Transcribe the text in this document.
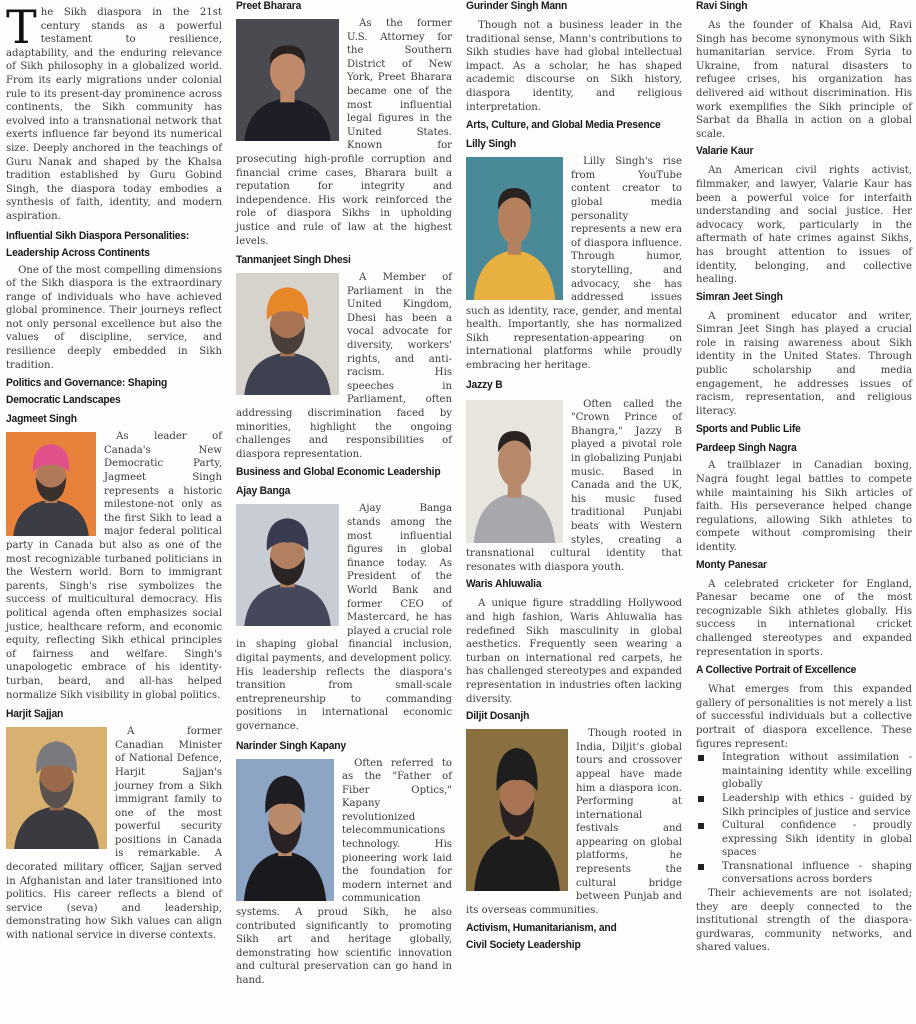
The Sikh diaspora in the 21st century stands as a powerful testament to resilience, adaptability, and the enduring relevance of Sikh philosophy in a globalized world. From its early migrations under colonial rule to its present-day prominence across continents, the Sikh community has evolved into a transnational network that exerts influence far beyond its numerical size. Deeply anchored in the teachings of Guru Nanak and shaped by the Khalsa tradition established by Guru Gobind Singh, the diaspora today embodies a synthesis of faith, identity, and modern aspiration.

Influential Sikh Diaspora Personalities: Leadership Across Continents

One of the most compelling dimensions of the Sikh diaspora is the extraordinary range of individuals who have achieved global prominence. Their journeys reflect not only personal excellence but also the values of discipline, service, and resilience deeply embedded in Sikh tradition.

Politics and Governance: Shaping Democratic Landscapes
Jagmeet Singh

As leader of Canada's New Democratic Party, Jagmeet Singh represents a historic milestone-not only as the first Sikh to lead a major federal political party in Canada but also as one of the most recognizable turbaned politicians in the Western world. Born to immigrant parents, Singh's rise symbolizes the success of multicultural democracy. His political agenda often emphasizes social justice, healthcare reform, and economic equity, reflecting Sikh ethical principles of fairness and welfare. Singh's unapologetic embrace of his identity-turban, beard, and all-has helped normalize Sikh visibility in global politics.

Harjit Sajjan

A former Canadian Minister of National Defence, Harjit Sajjan's journey from a Sikh immigrant family to one of the most powerful security positions in Canada is remarkable. A decorated military officer, Sajjan served in Afghanistan and later transitioned into politics. His career reflects a blend of service (seva) and leadership, demonstrating how Sikh values can align with national service in diverse contexts.

Preet Bharara

As the former U.S. Attorney for the Southern District of New York, Preet Bharara became one of the most influential legal figures in the United States. Known for prosecuting high-profile corruption and financial crime cases, Bharara built a reputation for integrity and independence. His work reinforced the role of diaspora Sikhs in upholding justice and rule of law at the highest levels.

Tanmanjeet Singh Dhesi

A Member of Parliament in the United Kingdom, Dhesi has been a vocal advocate for diversity, workers' rights, and anti-racism. His speeches in Parliament, often addressing discrimination faced by minorities, highlight the ongoing challenges and responsibilities of diaspora representation.

Business and Global Economic Leadership
Ajay Banga

Ajay Banga stands among the most influential figures in global finance today. As President of the World Bank and former CEO of Mastercard, he has played a crucial role in shaping global financial inclusion, digital payments, and development policy. His leadership reflects the diaspora's transition from small-scale entrepreneurship to commanding positions in international economic governance.

Narinder Singh Kapany

Often referred to as the "Father of Fiber Optics," Kapany revolutionized telecommunications technology. His pioneering work laid the foundation for modern internet and communication systems. A proud Sikh, he also contributed significantly to promoting Sikh art and heritage globally, demonstrating how scientific innovation and cultural preservation can go hand in hand.

Gurinder Singh Mann

Though not a business leader in the traditional sense, Mann's contributions to Sikh studies have had global intellectual impact. As a scholar, he has shaped academic discourse on Sikh history, diaspora identity, and religious interpretation.

Arts, Culture, and Global Media Presence
Lilly Singh

Lilly Singh's rise from YouTube content creator to global media personality represents a new era of diaspora influence. Through humor, storytelling, and advocacy, she has addressed issues such as identity, race, gender, and mental health. Importantly, she has normalized Sikh representation-appearing on international platforms while proudly embracing her heritage.

Jazzy B

Often called the "Crown Prince of Bhangra," Jazzy B played a pivotal role in globalizing Punjabi music. Based in Canada and the UK, his music fused traditional Punjabi beats with Western styles, creating a transnational cultural identity that resonates with diaspora youth.

Waris Ahluwalia

A unique figure straddling Hollywood and high fashion, Waris Ahluwalia has redefined Sikh masculinity in global aesthetics. Frequently seen wearing a turban on international red carpets, he has challenged stereotypes and expanded representation in industries often lacking diversity.

Diljit Dosanjh

Though rooted in India, Diljit's global tours and crossover appeal have made him a diaspora icon. Performing at international festivals and appearing on global platforms, he represents the cultural bridge between Punjab and its overseas communities.

Activism, Humanitarianism, and Civil Society Leadership
Ravi Singh

As the founder of Khalsa Aid, Ravi Singh has become synonymous with Sikh humanitarian service. From Syria to Ukraine, from natural disasters to refugee crises, his organization has delivered aid without discrimination. His work exemplifies the Sikh principle of Sarbat da Bhalla in action on a global scale.

Valarie Kaur

An American civil rights activist, filmmaker, and lawyer, Valarie Kaur has been a powerful voice for interfaith understanding and social justice. Her advocacy work, particularly in the aftermath of hate crimes against Sikhs, has brought attention to issues of identity, belonging, and collective healing.

Simran Jeet Singh

A prominent educator and writer, Simran Jeet Singh has played a crucial role in raising awareness about Sikh identity in the United States. Through public scholarship and media engagement, he addresses issues of racism, representation, and religious literacy.

Sports and Public Life
Pardeep Singh Nagra

A trailblazer in Canadian boxing, Nagra fought legal battles to compete while maintaining his Sikh articles of faith. His perseverance helped change regulations, allowing Sikh athletes to compete without compromising their identity.

Monty Panesar

A celebrated cricketer for England, Panesar became one of the most recognizable Sikh athletes globally. His success in international cricket challenged stereotypes and expanded representation in sports.

A Collective Portrait of Excellence

What emerges from this expanded gallery of personalities is not merely a list of successful individuals but a collective portrait of diaspora excellence. These figures represent:

Integration without assimilation - maintaining identity while excelling globally
Leadership with ethics - guided by Sikh principles of justice and service
Cultural confidence - proudly expressing Sikh identity in global spaces
Transnational influence - shaping conversations across borders

Their achievements are not isolated; they are deeply connected to the institutional strength of the diaspora-gurdwaras, community networks, and shared values.
